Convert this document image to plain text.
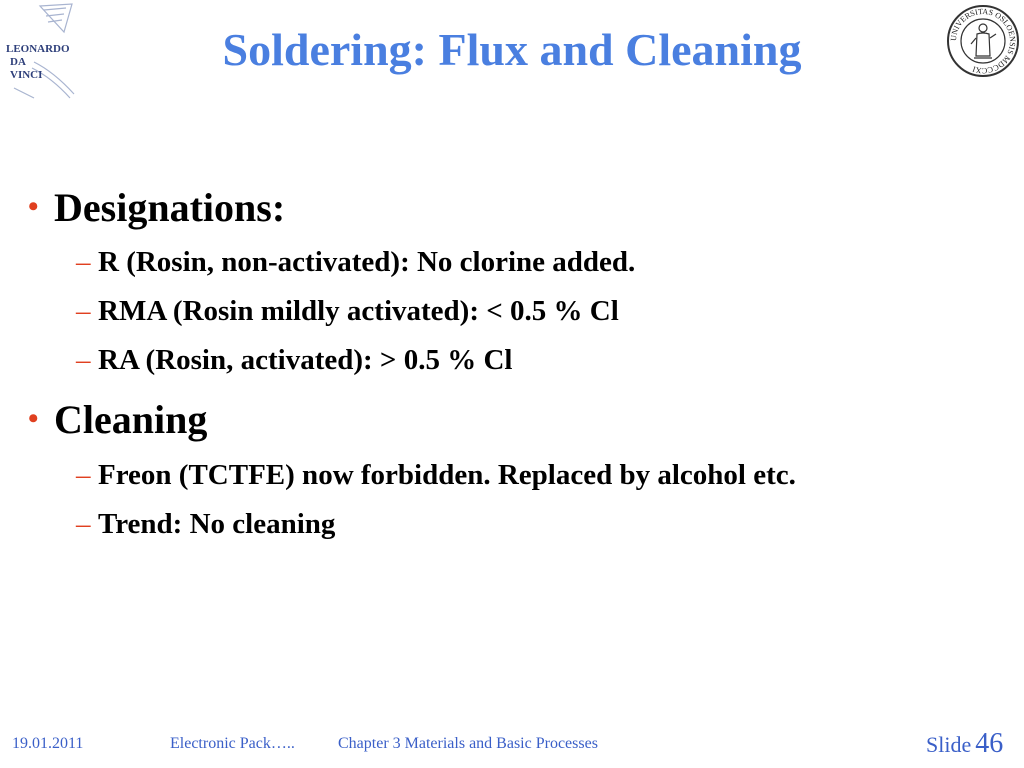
LEONARDO
DA
VINCI
UNIVERSITAS OSLOENSIS MDCCCXI
Soldering: Flux and Cleaning
• Designations:
– R (Rosin, non-activated): No clorine added.
– RMA (Rosin mildly activated): < 0.5 % Cl
– RA (Rosin, activated): > 0.5 % Cl
• Cleaning
– Freon (TCTFE) now forbidden. Replaced by alcohol etc.
– Trend: No cleaning
19.01.2011	Electronic Pack…..	Chapter 3 Materials and Basic Processes	Slide 46
